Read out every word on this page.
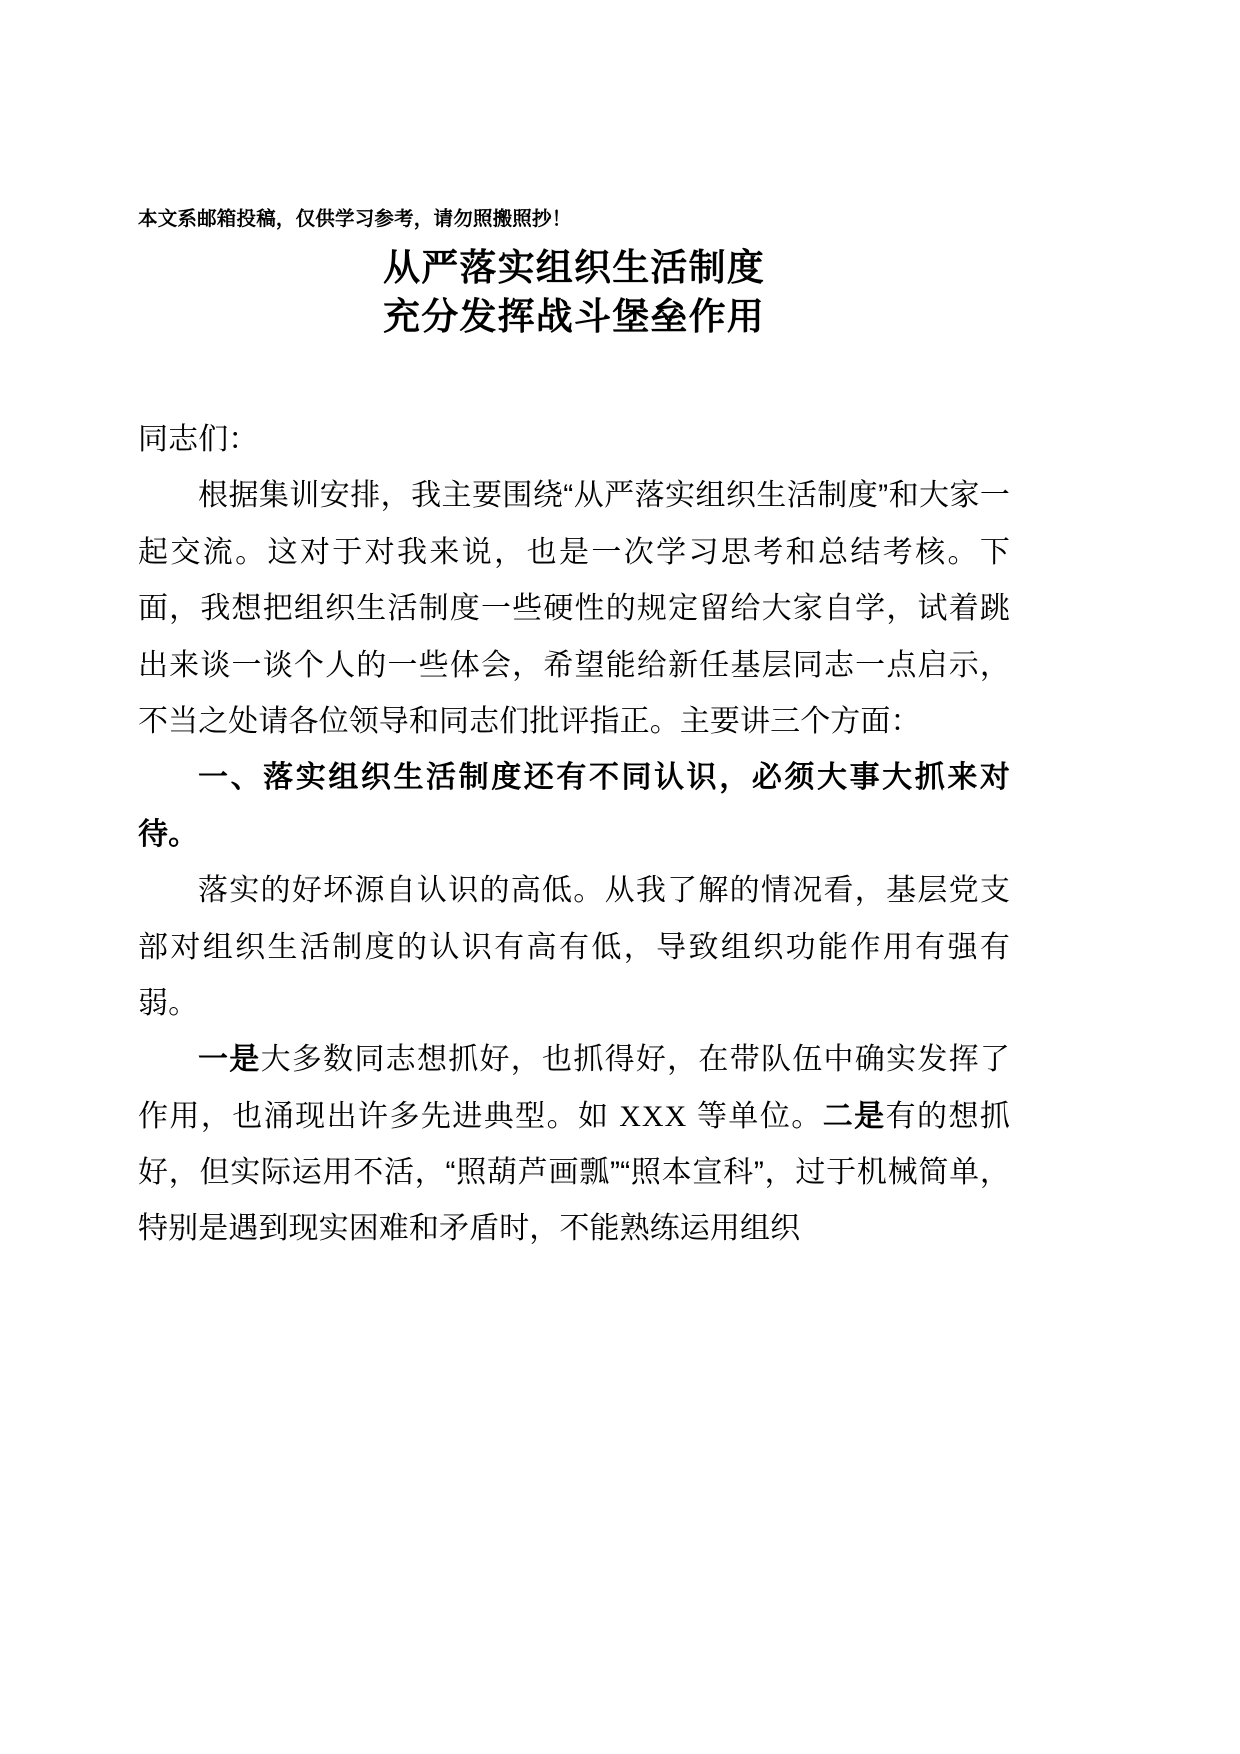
本文系邮箱投稿，仅供学习参考，请勿照搬照抄！
从严落实组织生活制度
充分发挥战斗堡垒作用

同志们：

根据集训安排，我主要围绕“从严落实组织生活制度”和大家一起交流。这对于对我来说，也是一次学习思考和总结考核。下面，我想把组织生活制度一些硬性的规定留给大家自学，试着跳出来谈一谈个人的一些体会，希望能给新任基层同志一点启示，不当之处请各位领导和同志们批评指正。主要讲三个方面：

一、落实组织生活制度还有不同认识，必须大事大抓来对待。

落实的好坏源自认识的高低。从我了解的情况看，基层党支部对组织生活制度的认识有高有低，导致组织功能作用有强有弱。

一是大多数同志想抓好，也抓得好，在带队伍中确实发挥了作用，也涌现出许多先进典型。如 XXX 等单位。二是有的想抓好，但实际运用不活，“照葫芦画瓢”“照本宣科”，过于机械简单，特别是遇到现实困难和矛盾时，不能熟练运用组织
